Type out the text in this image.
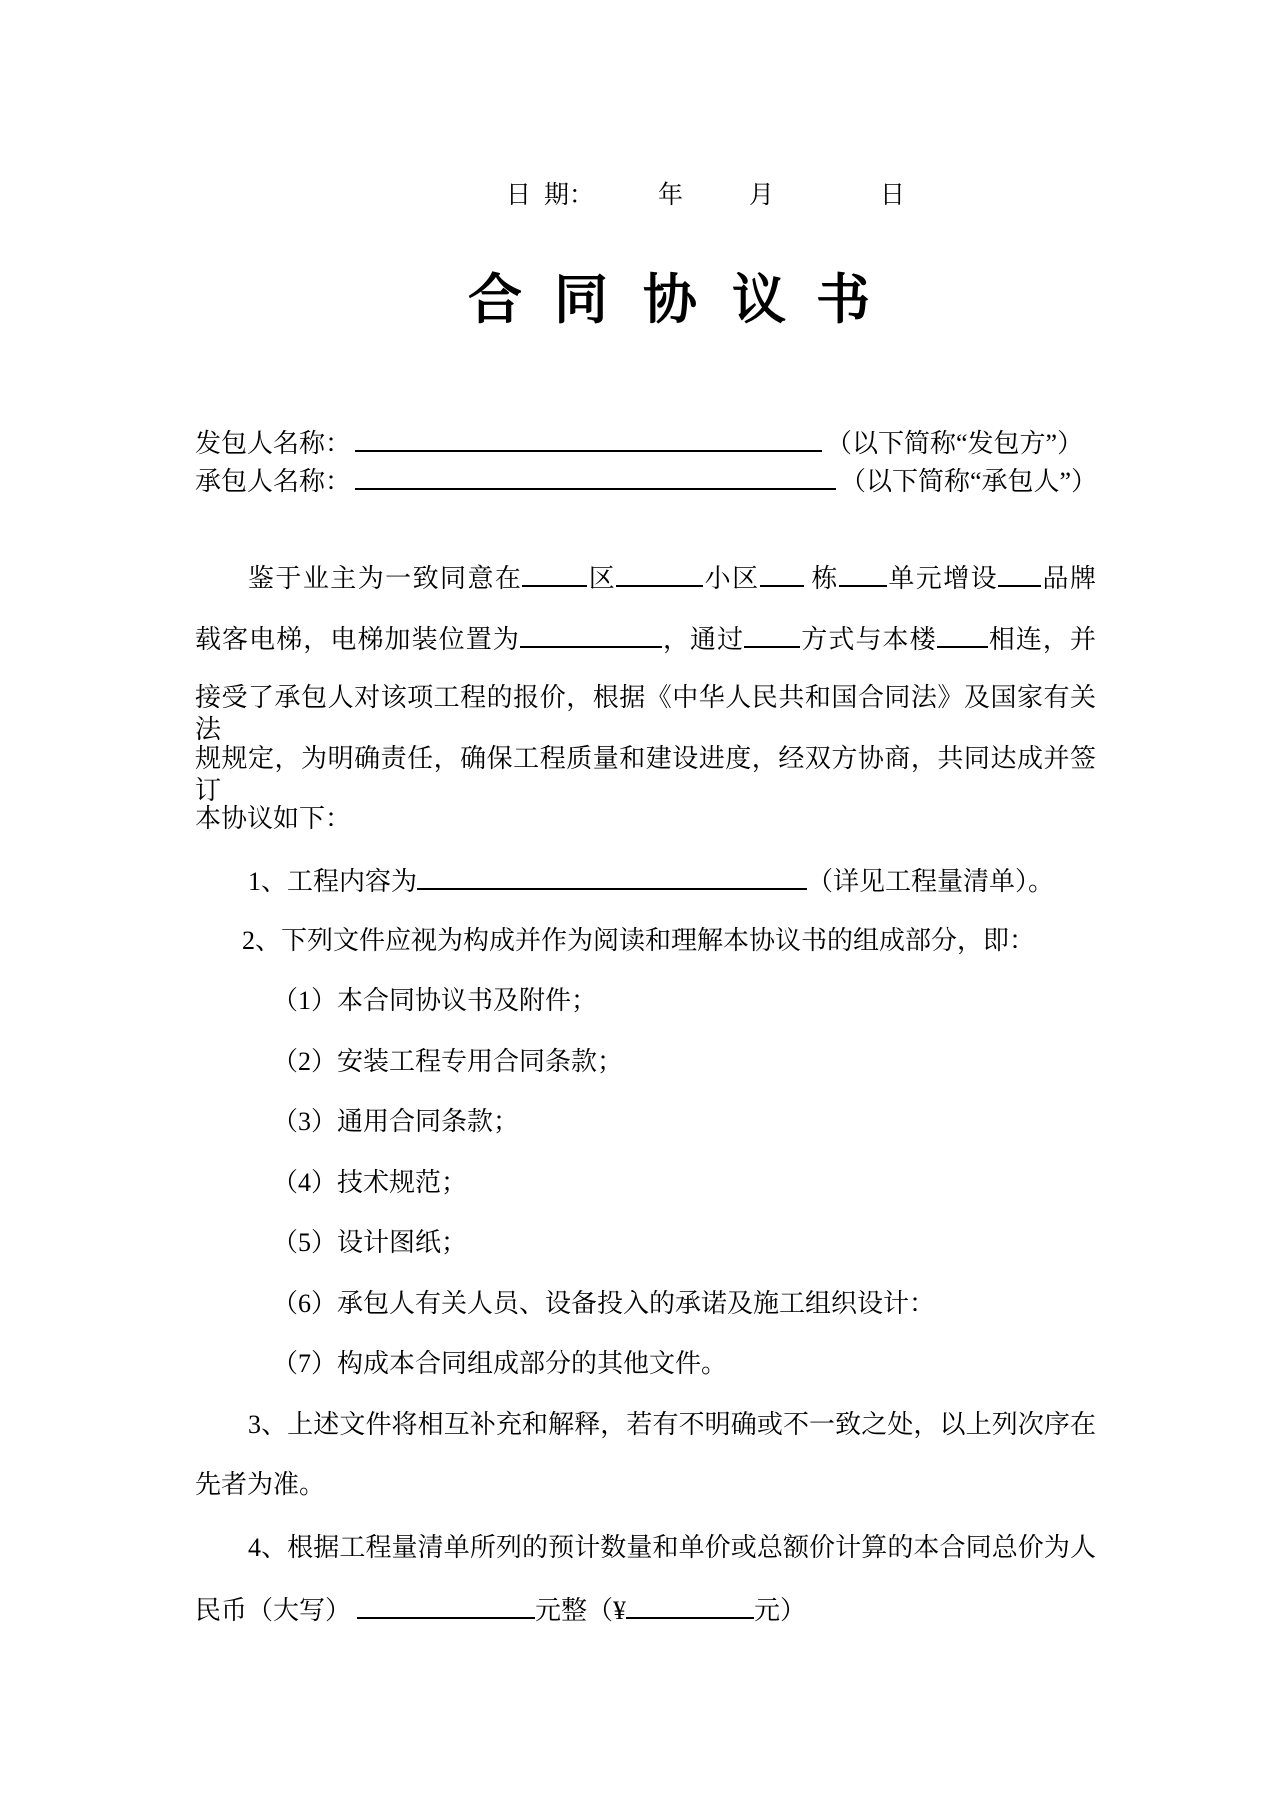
日 期：	年	月	日
合 同 协 议 书
发包人名称：	（以下简称“发包方”）
承包人名称：	（以下简称“承包人”）
鉴于业主为一致同意在	区	小区 栋 单元增设 品牌
载客电梯，电梯加装位置为	，通过 方式与本楼 相连，并
接受了承包人对该项工程的报价，根据《中华人民共和国合同法》及国家有关法
规规定，为明确责任，确保工程质量和建设进度，经双方协商，共同达成并签订
本协议如下：
1、工程内容为	（详见工程量清单）。
2、下列文件应视为构成并作为阅读和理解本协议书的组成部分，即：
（1）本合同协议书及附件；
（2）安装工程专用合同条款；
（3）通用合同条款；
（4）技术规范；
（5）设计图纸；
（6）承包人有关人员、设备投入的承诺及施工组织设计：
（7）构成本合同组成部分的其他文件。
3、上述文件将相互补充和解释，若有不明确或不一致之处，以上列次序在
先者为准。
4、根据工程量清单所列的预计数量和单价或总额价计算的本合同总价为人
民币（大写）	元整（¥	元）
